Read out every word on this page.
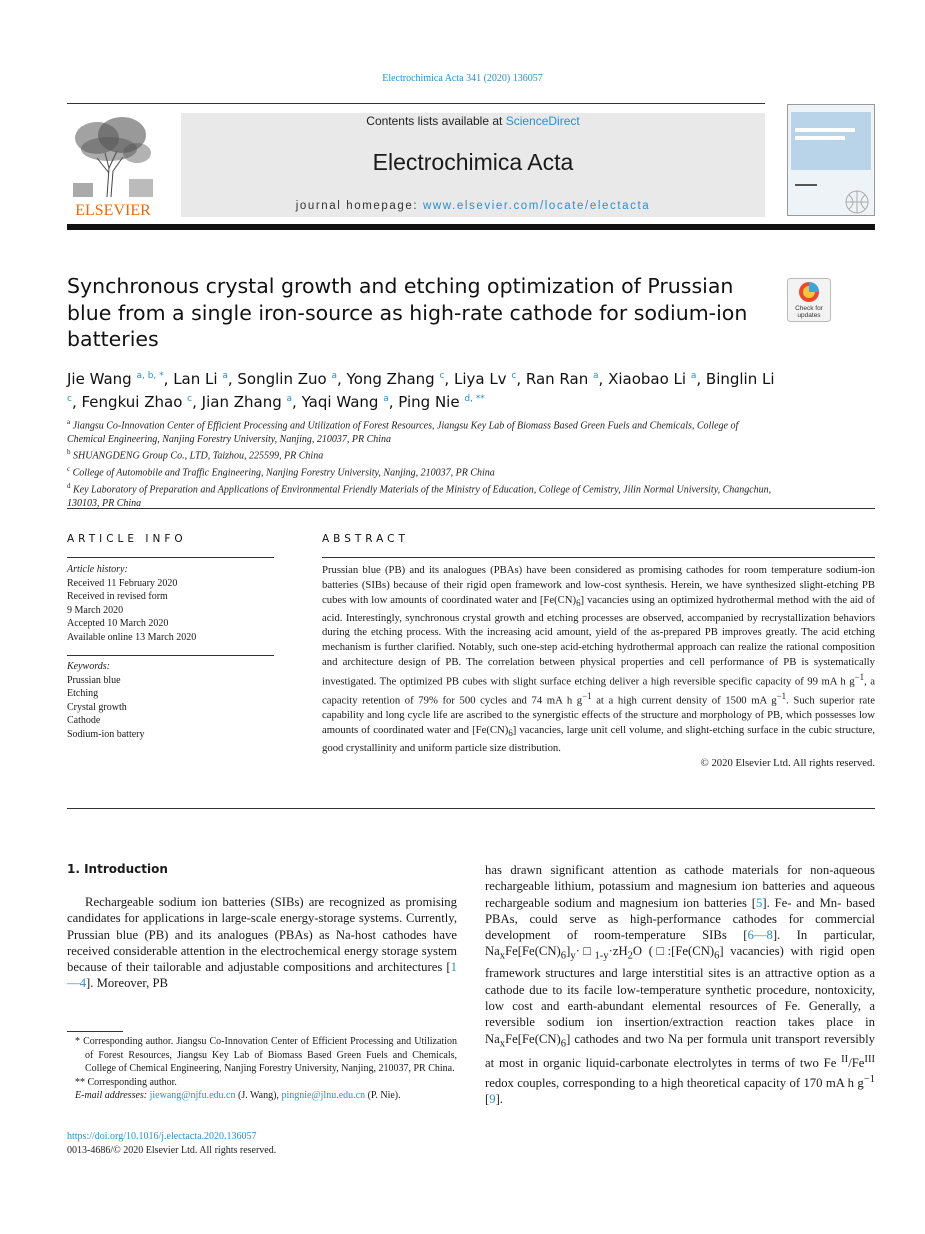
Electrochimica Acta 341 (2020) 136057
ELSEVIER
Contents lists available at ScienceDirect
Electrochimica Acta
journal homepage: www.elsevier.com/locate/electacta
Synchronous crystal growth and etching optimization of Prussian blue from a single iron-source as high-rate cathode for sodium-ion batteries
Check for
updates
Jie Wang $^{a, b, *}$, Lan Li $^a$, Songlin Zuo $^a$, Yong Zhang $^c$, Liya Lv $^c$, Ran Ran $^a$, Xiaobao Li $^a$, Binglin Li $^c$, Fengkui Zhao $^c$, Jian Zhang $^a$, Yaqi Wang $^a$, Ping Nie $^{d, **}$
$^a$ Jiangsu Co-Innovation Center of Efficient Processing and Utilization of Forest Resources, Jiangsu Key Lab of Biomass Based Green Fuels and Chemicals, College of Chemical Engineering, Nanjing Forestry University, Nanjing, 210037, PR China
$^b$ SHUANGDENG Group Co., LTD, Taizhou, 225599, PR China
$^c$ College of Automobile and Traffic Engineering, Nanjing Forestry University, Nanjing, 210037, PR China
$^d$ Key Laboratory of Preparation and Applications of Environmental Friendly Materials of the Ministry of Education, College of Cemistry, Jilin Normal University, Changchun, 130103, PR China
ARTICLE INFO	ABSTRACT
Article history:
Received 11 February 2020
Received in revised form
9 March 2020
Accepted 10 March 2020
Available online 13 March 2020
Keywords:
Prussian blue
Etching
Crystal growth
Cathode
Sodium-ion battery
Prussian blue (PB) and its analogues (PBAs) have been considered as promising cathodes for room temperature sodium-ion batteries (SIBs) because of their rigid open framework and low-cost synthesis. Herein, we have synthesized slight-etching PB cubes with low amounts of coordinated water and $[Fe(CN)_6]$ vacancies using an optimized hydrothermal method with the aid of acid. Interestingly, synchronous crystal growth and etching processes are observed, accompanied by recrystallization behaviors during the etching process. With the increasing acid amount, yield of the as-prepared PB improves greatly. The acid etching mechanism is further clarified. Notably, such one-step acid-etching hydrothermal approach can realize the rational composition and architecture design of PB. The correlation between physical properties and cell performance of PB is systematically investigated. The optimized PB cubes with slight surface etching deliver a high reversible specific capacity of 99 mA h $g^{-1}$, a capacity retention of 79% for 500 cycles and 74 mA h $g^{-1}$ at a high current density of 1500 mA $g^{-1}$. Such superior rate capability and long cycle life are ascribed to the synergistic effects of the structure and morphology of PB, which possesses low amounts of coordinated water and $[Fe(CN)_6]$ vacancies, large unit cell volume, and slight-etching surface in the cubic structure, good crystallinity and uniform particle size distribution.
© 2020 Elsevier Ltd. All rights reserved.
1. Introduction
Rechargeable sodium ion batteries (SIBs) are recognized as promising candidates for applications in large-scale energy-storage systems. Currently, Prussian blue (PB) and its analogues (PBAs) as Na-host cathodes have received considerable attention in the electrochemical energy storage system because of their tailorable and adjustable compositions and architectures [1—4]. Moreover, PB
has drawn significant attention as cathode materials for non-aqueous rechargeable lithium, potassium and magnesium ion batteries and aqueous rechargeable sodium and magnesium ion batteries [5]. Fe- and Mn- based PBAs, could serve as high-performance cathodes for commercial development of room-temperature SIBs [6—8]. In particular, $Na_xFe[Fe(CN)_6]_y\cdot□_{1-y}\cdot zH_2O$ ($□:[Fe(CN)_6]$ vacancies) with rigid open framework structures and large interstitial sites is an attractive option as a cathode due to its facile low-temperature synthetic procedure, nontoxicity, low cost and earth-abundant elemental resources of Fe. Generally, a reversible sodium ion insertion/extraction reaction takes place in $Na_xFe[Fe(CN)_6]$ cathodes and two Na per formula unit transport reversibly at most in organic liquid-carbonate electrolytes in terms of two Fe $^{II}/Fe^{III}$ redox couples, corresponding to a high theoretical capacity of 170 mA h $g^{-1}$ [9].
* Corresponding author. Jiangsu Co-Innovation Center of Efficient Processing and Utilization of Forest Resources, Jiangsu Key Lab of Biomass Based Green Fuels and Chemicals, College of Chemical Engineering, Nanjing Forestry University, Nanjing, 210037, PR China.
** Corresponding author.
E-mail addresses: jiewang@njfu.edu.cn (J. Wang), pingnie@jlnu.edu.cn (P. Nie).
https://doi.org/10.1016/j.electacta.2020.136057
0013-4686/© 2020 Elsevier Ltd. All rights reserved.
